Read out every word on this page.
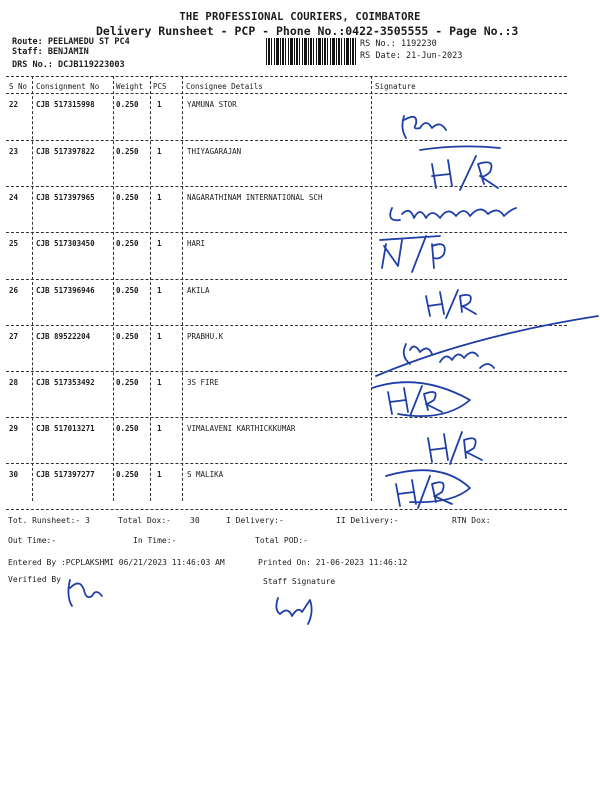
THE PROFESSIONAL COURIERS, COIMBATORE
Delivery Runsheet - PCP - Phone No.:0422-3505555 - Page No.:3
Route: PEELAMEDU ST PC4
Staff: BENJAMIN
DRS No.: DCJB119223003
RS No.: 1192230
RS Date: 21-Jun-2023
S No Consignment No Weight PCS	Consignee Details	Signature
22 CJB 517315998	0.250 1	YAMUNA STOR
23 CJB 517397822	0.250 1	THIYAGARAJAN
24 CJB 517397965	0.250 1	NAGARATHINAM INTERNATIONAL SCH
25 CJB 517303450	0.250 1	HARI
26 CJB 517396946	0.250 1	AKILA
27 CJB 89522204	0.250 1	PRABHU.K
28 CJB 517353492	0.250 1	3S FIRE
29 CJB 517013271	0.250 1	VIMALAVENI KARTHICKKUMAR
30 CJB 517397277	0.250 1	S MALIKA
Tot. Runsheet:- 3	Total Dox:- 30	I Delivery:-	II Delivery:-	RTN Dox:
Out Time:-	In Time:-	Total POD:-
Entered By :PCPLAKSHMI 06/21/2023 11:46:03 AM	Printed On: 21-06-2023 11:46:12
Verified By	Staff Signature
